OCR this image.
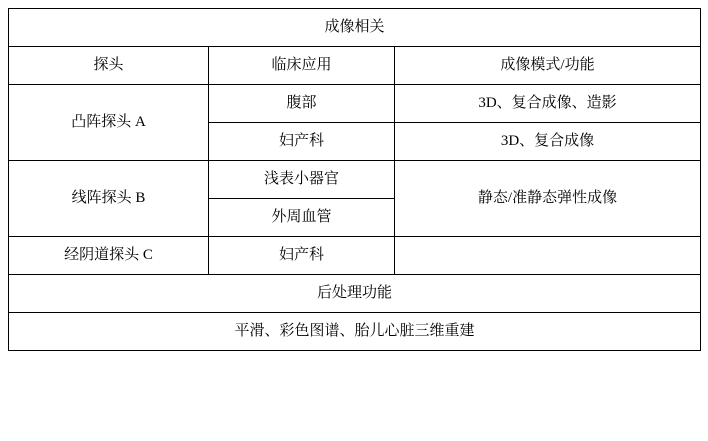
成像相关		
探头	临床应用	成像模式/功能
凸阵探头 A	腹部	3D、复合成像、造影
	妇产科	3D、复合成像
线阵探头 B	浅表小器官	静态/准静态弹性成像
	外周血管	
经阴道探头 C	妇产科	
后处理功能		
平滑、彩色图谱、胎儿心脏三维重建		
